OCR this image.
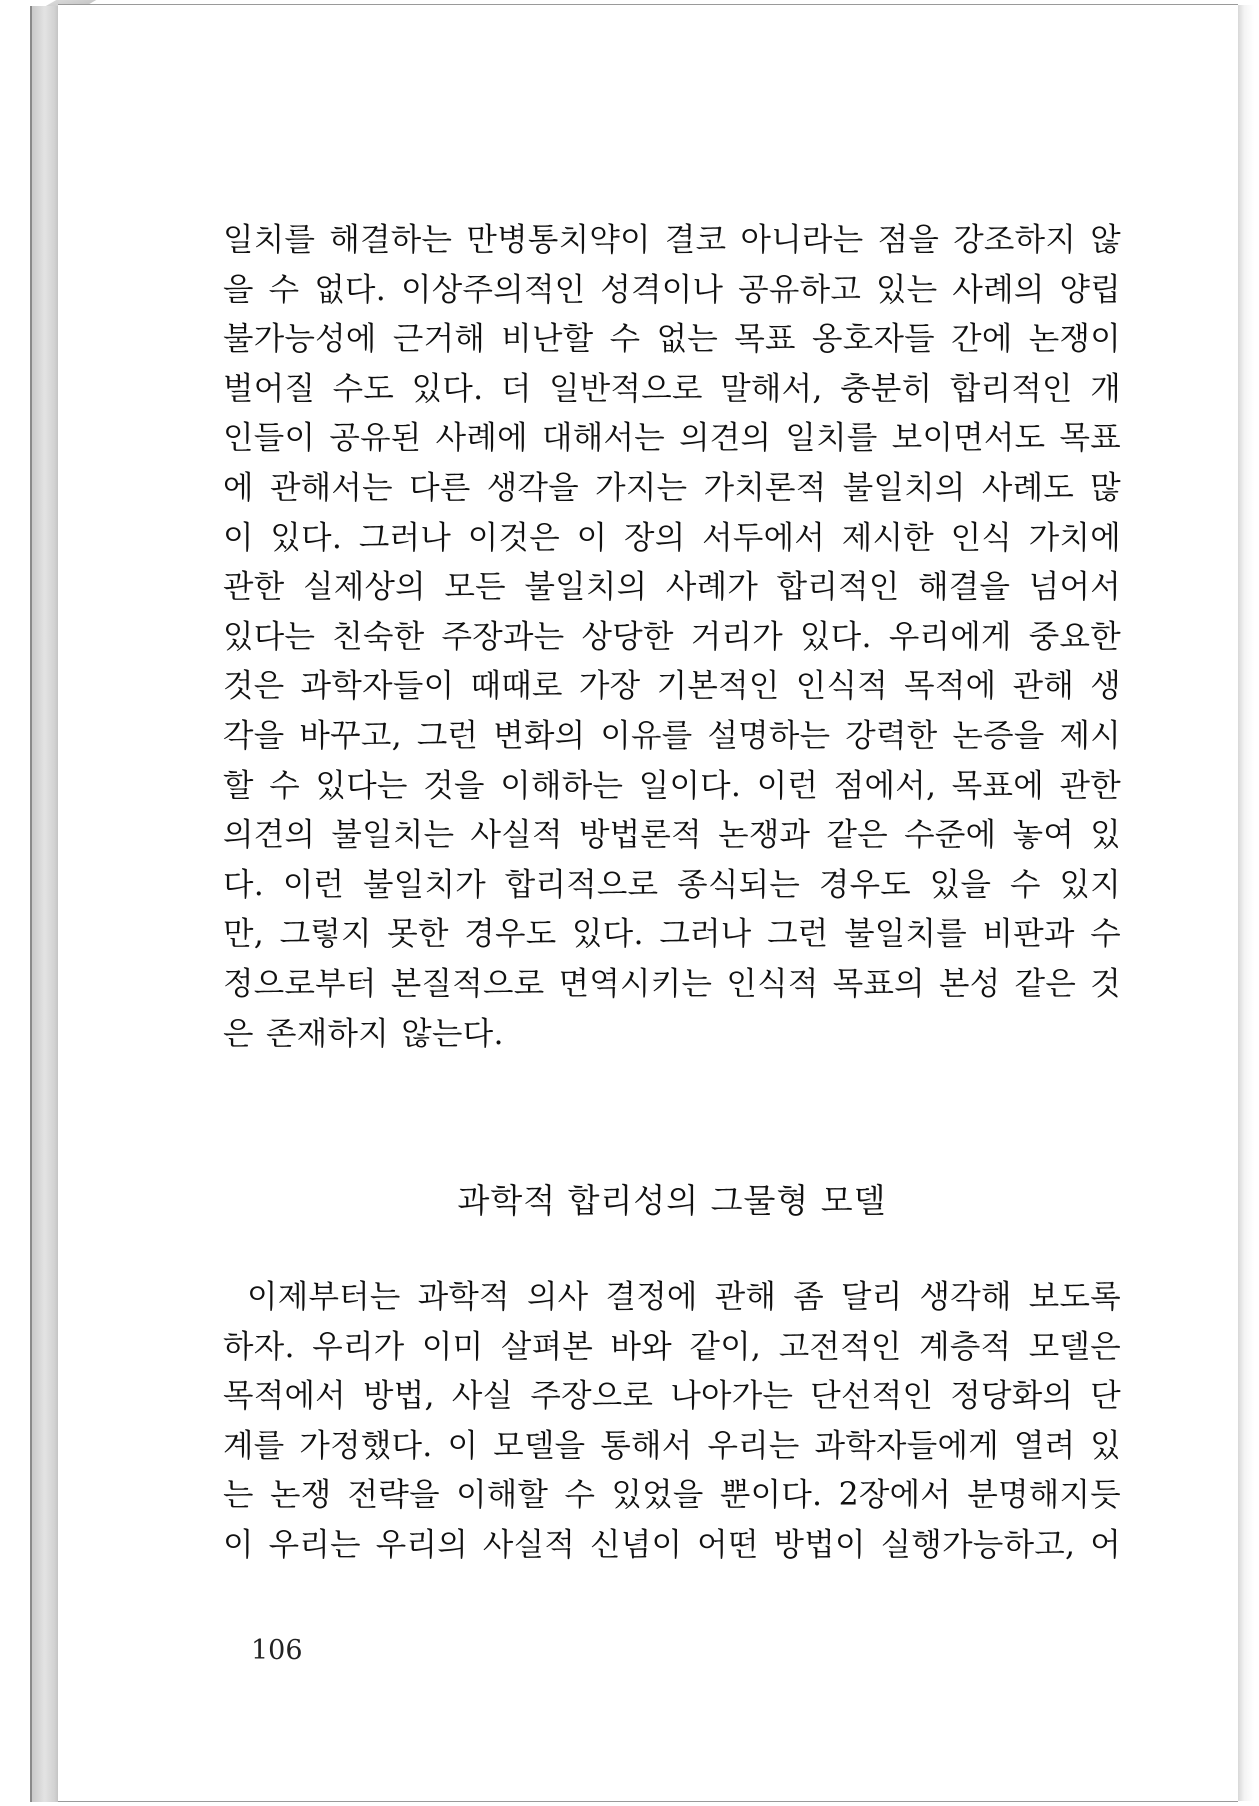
일치를 해결하는 만병통치약이 결코 아니라는 점을 강조하지 않
을 수 없다. 이상주의적인 성격이나 공유하고 있는 사례의 양립
불가능성에 근거해 비난할 수 없는 목표 옹호자들 간에 논쟁이
벌어질 수도 있다. 더 일반적으로 말해서, 충분히 합리적인 개
인들이 공유된 사례에 대해서는 의견의 일치를 보이면서도 목표
에 관해서는 다른 생각을 가지는 가치론적 불일치의 사례도 많
이 있다. 그러나 이것은 이 장의 서두에서 제시한 인식 가치에
관한 실제상의 모든 불일치의 사례가 합리적인 해결을 넘어서
있다는 친숙한 주장과는 상당한 거리가 있다. 우리에게 중요한
것은 과학자들이 때때로 가장 기본적인 인식적 목적에 관해 생
각을 바꾸고, 그런 변화의 이유를 설명하는 강력한 논증을 제시
할 수 있다는 것을 이해하는 일이다. 이런 점에서, 목표에 관한
의견의 불일치는 사실적 방법론적 논쟁과 같은 수준에 놓여 있
다. 이런 불일치가 합리적으로 종식되는 경우도 있을 수 있지
만, 그렇지 못한 경우도 있다. 그러나 그런 불일치를 비판과 수
정으로부터 본질적으로 면역시키는 인식적 목표의 본성 같은 것
은 존재하지 않는다.

과학적 합리성의 그물형 모델

이제부터는 과학적 의사 결정에 관해 좀 달리 생각해 보도록
하자. 우리가 이미 살펴본 바와 같이, 고전적인 계층적 모델은
목적에서 방법, 사실 주장으로 나아가는 단선적인 정당화의 단
계를 가정했다. 이 모델을 통해서 우리는 과학자들에게 열려 있
는 논쟁 전략을 이해할 수 있었을 뿐이다. 2장에서 분명해지듯
이 우리는 우리의 사실적 신념이 어떤 방법이 실행가능하고, 어

106
